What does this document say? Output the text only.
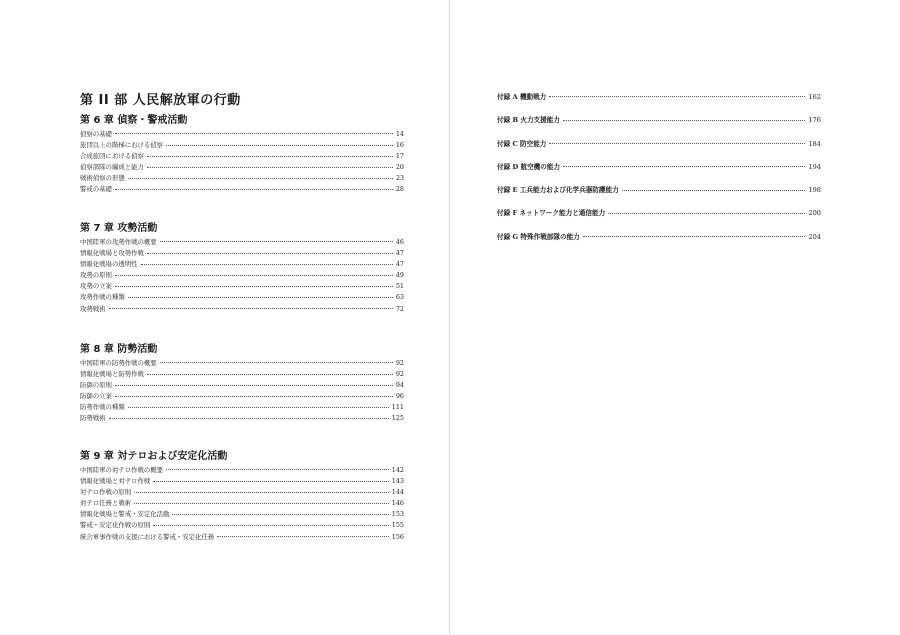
第 II 部 人民解放軍の行動
第 6 章 偵察・警戒活動
偵察の基礎	14
旅団以上の階梯における偵察	16
合成旅団における偵察	17
偵察部隊の編成と能力	20
戦術偵察の形態	23
警戒の基礎	28
第 7 章 攻勢活動
中国陸軍の攻勢作戦の概要	46
情報化戦場と攻勢作戦	47
情報化戦場の透明性	47
攻勢の原則	49
攻勢の立案	51
攻勢作戦の種類	63
攻勢戦術	72
第 8 章 防勢活動
中国陸軍の防勢作戦の概要	92
情報化戦場と防勢作戦	92
防御の原則	94
防御の立案	96
防勢作戦の種類	111
防勢戦術	125
第 9 章 対テロおよび安定化活動
中国陸軍の対テロ作戦の概要	142
情報化戦場と対テロ作戦	143
対テロ作戦の原則	144
対テロ任務と戦術	146
情報化戦場と警戒・安定化活動	153
警戒・安定化作戦の原則	155
統合軍事作戦の支援における警戒・安定化任務	156
付録 A 機動戦力	162
付録 B 火力支援能力	176
付録 C 防空能力	184
付録 D 航空機の能力	194
付録 E 工兵能力および化学兵器防護能力	198
付録 F ネットワーク能力と通信能力	200
付録 G 特殊作戦部隊の能力	204
